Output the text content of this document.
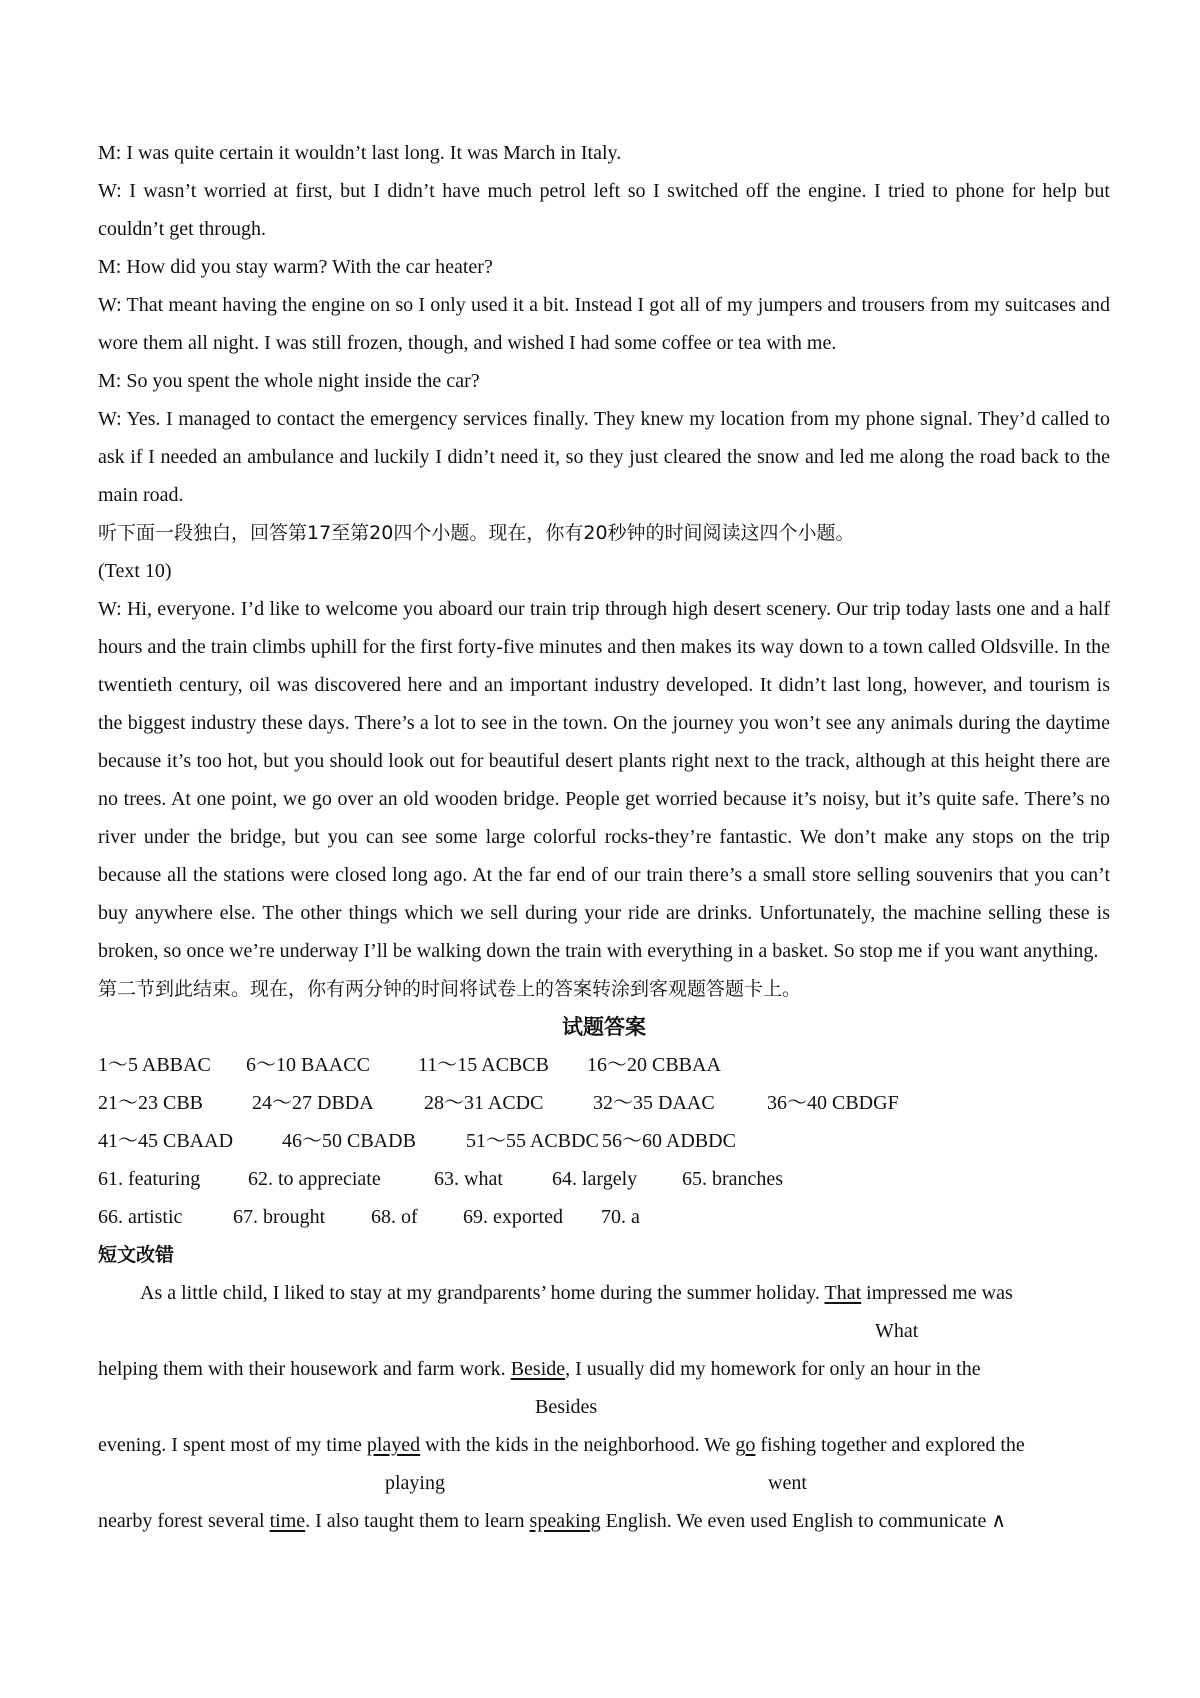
M: I was quite certain it wouldn’t last long. It was March in Italy.

W: I wasn’t worried at first, but I didn’t have much petrol left so I switched off the engine. I tried to phone for help but couldn’t get through.

M: How did you stay warm? With the car heater?

W: That meant having the engine on so I only used it a bit. Instead I got all of my jumpers and trousers from my suitcases and wore them all night. I was still frozen, though, and wished I had some coffee or tea with me.

M: So you spent the whole night inside the car?

W: Yes. I managed to contact the emergency services finally. They knew my location from my phone signal. They’d called to ask if I needed an ambulance and luckily I didn’t need it, so they just cleared the snow and led me along the road back to the main road.

听下面一段独白，回答第17至第20四个小题。现在，你有20秒钟的时间阅读这四个小题。

(Text 10)

W: Hi, everyone. I’d like to welcome you aboard our train trip through high desert scenery. Our trip today lasts one and a half hours and the train climbs uphill for the first forty-five minutes and then makes its way down to a town called Oldsville. In the twentieth century, oil was discovered here and an important industry developed. It didn’t last long, however, and tourism is the biggest industry these days. There’s a lot to see in the town. On the journey you won’t see any animals during the daytime because it’s too hot, but you should look out for beautiful desert plants right next to the track, although at this height there are no trees. At one point, we go over an old wooden bridge. People get worried because it’s noisy, but it’s quite safe. There’s no river under the bridge, but you can see some large colorful rocks-they’re fantastic. We don’t make any stops on the trip because all the stations were closed long ago. At the far end of our train there’s a small store selling souvenirs that you can’t buy anywhere else. The other things which we sell during your ride are drinks. Unfortunately, the machine selling these is broken, so once we’re underway I’ll be walking down the train with everything in a basket. So stop me if you want anything.

第二节到此结束。现在，你有两分钟的时间将试卷上的答案转涂到客观题答题卡上。

试题答案

1～5 ABBAC	6～10 BAACC	11～15 ACBCB	16～20 CBBAA
21～23 CBB	24～27 DBDA	28～31 ACDC	32～35 DAAC	36～40 CBDGF
41～45 CBAAD	46～50 CBADB	51～55 ACBDC 56～60 ADBDC
61. featuring	62. to appreciate	63. what	64. largely	65. branches
66. artistic	67. brought	68. of	69. exported	70. a

短文改错

As a little child, I liked to stay at my grandparents’ home during the summer holiday. That impressed me was

What

helping them with their housework and farm work. Beside, I usually did my homework for only an hour in the

Besides

evening. I spent most of my time played with the kids in the neighborhood. We go fishing together and explored the

playing	went

nearby forest several time. I also taught them to learn speaking English. We even used English to communicate ∧
